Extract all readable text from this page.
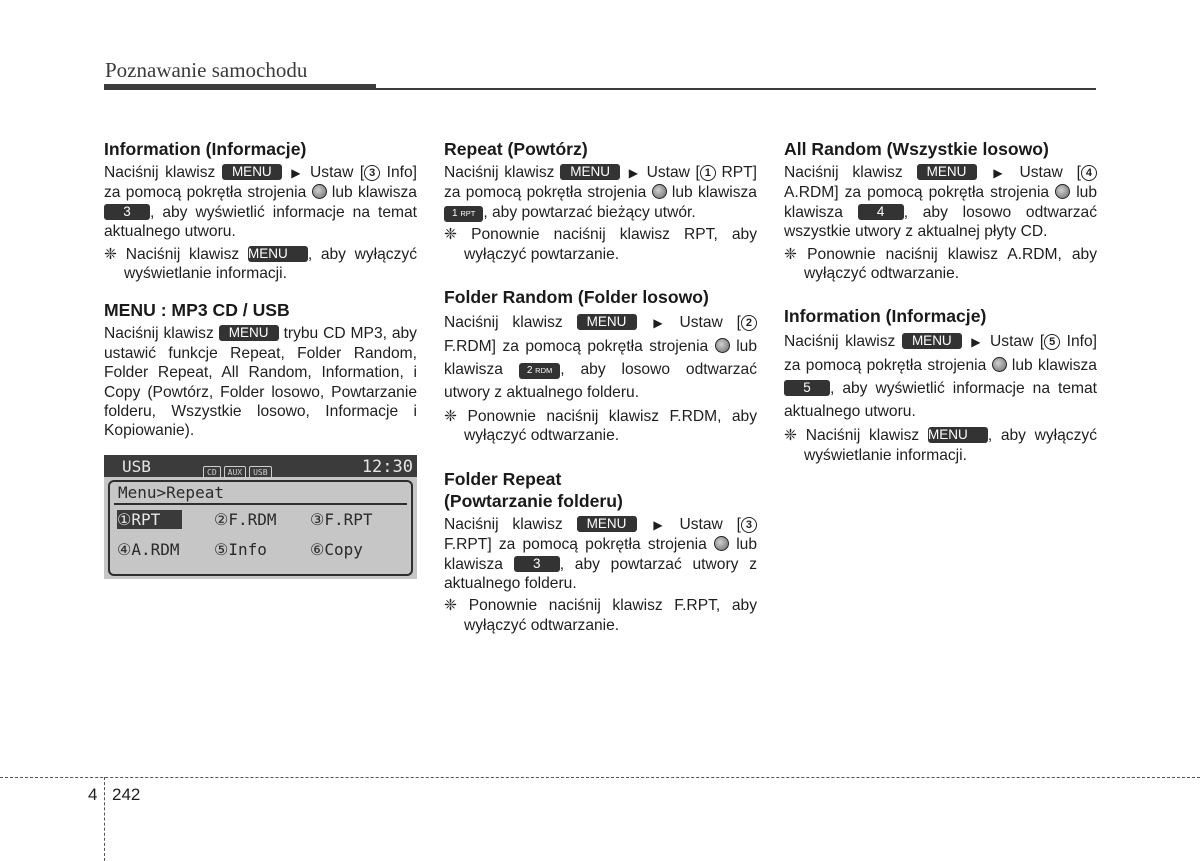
Poznawanie samochodu
Information (Informacje)

Naciśnij klawisz MENU ▶ Ustaw [ 3 Info] za pomocą pokrętła strojenia lub klawisza 3 , aby wyświetlić informacje na temat aktualnego utworu.

❈ Naciśnij klawisz MENU , aby wyłączyć wyświetlanie informacji.

MENU : MP3 CD / USB

Naciśnij klawisz MENU trybu CD MP3, aby ustawić funkcje Repeat, Folder Random, Folder Repeat, All Random, Information, i Copy (Powtórz, Folder losowo, Powtarzanie folderu, Wszystkie losowo, Informacje i Kopiowanie).

USB	CD AUX USB	12:30
Menu>Repeat
①RPT	②F.RDM ③F.RPT
④A.RDM ⑤Info	⑥Copy
Repeat (Powtórz)

Naciśnij klawisz MENU ▶ Ustaw [ 1 RPT] za pomocą pokrętła strojenia lub klawisza 1 RPT , aby powtarzać bieżący utwór.

❈ Ponownie naciśnij klawisz RPT, aby wyłączyć powtarzanie.

Folder Random (Folder losowo)

Naciśnij klawisz MENU ▶ Ustaw [ 2 F.RDM] za pomocą pokrętła strojenia lub klawisza 2 RDM , aby losowo odtwarzać utwory z aktualnego folderu.

❈ Ponownie naciśnij klawisz F.RDM, aby wyłączyć odtwarzanie.

Folder Repeat
(Powtarzanie folderu)

Naciśnij klawisz MENU ▶ Ustaw [ 3 F.RPT] za pomocą pokrętła strojenia lub klawisza 3 , aby powtarzać utwory z aktualnego folderu.

❈ Ponownie naciśnij klawisz F.RPT, aby wyłączyć odtwarzanie.

All Random (Wszystkie losowo)

Naciśnij klawisz MENU ▶ Ustaw [ 4 A.RDM] za pomocą pokrętła strojenia lub klawisza	4 , aby losowo odtwarzać wszystkie utwory z aktualnej płyty CD.

❈ Ponownie naciśnij klawisz A.RDM, aby wyłączyć odtwarzanie.

Information (Informacje)

Naciśnij klawisz MENU ▶ Ustaw [ 5 Info] za pomocą pokrętła strojenia lub klawisza 5 , aby wyświetlić informacje na temat aktualnego utworu.

❈ Naciśnij klawisz MENU , aby wyłączyć wyświetlanie informacji.

4 242
